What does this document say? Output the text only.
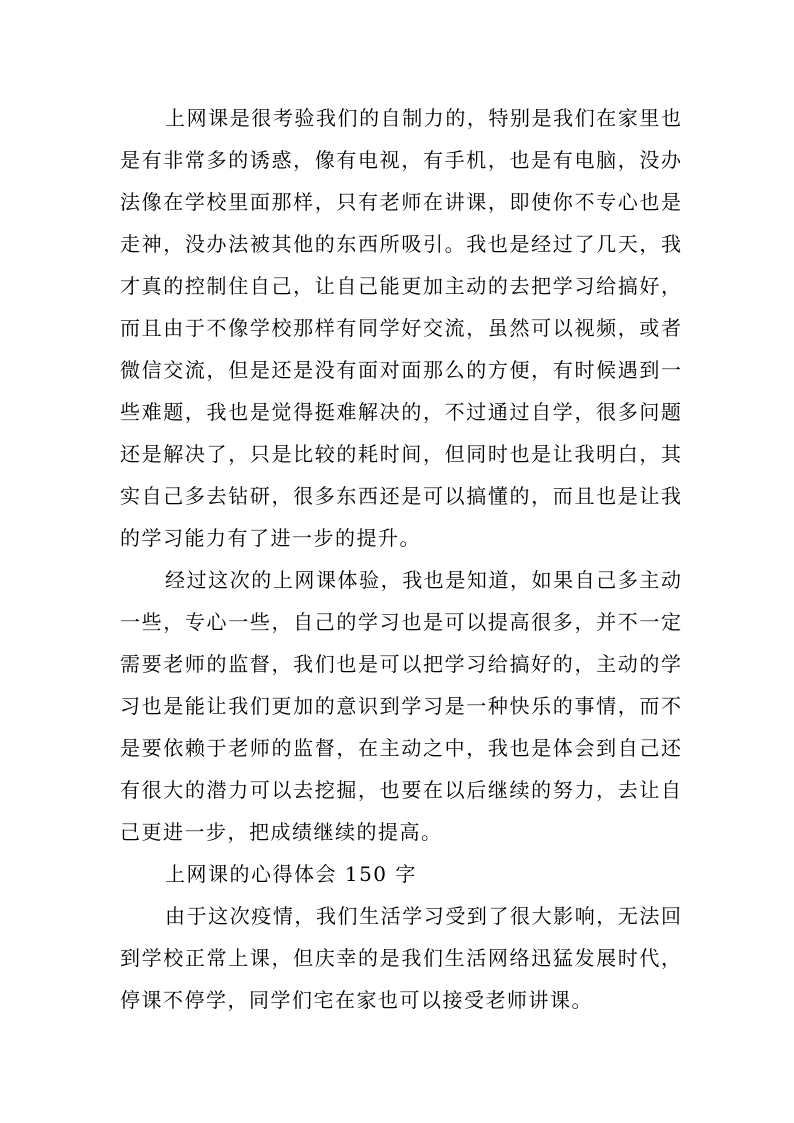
上网课是很考验我们的自制力的，特别是我们在家里也
是有非常多的诱惑，像有电视，有手机，也是有电脑，没办
法像在学校里面那样，只有老师在讲课，即使你不专心也是
走神，没办法被其他的东西所吸引。我也是经过了几天，我
才真的控制住自己，让自己能更加主动的去把学习给搞好，
而且由于不像学校那样有同学好交流，虽然可以视频，或者
微信交流，但是还是没有面对面那么的方便，有时候遇到一
些难题，我也是觉得挺难解决的，不过通过自学，很多问题
还是解决了，只是比较的耗时间，但同时也是让我明白，其
实自己多去钻研，很多东西还是可以搞懂的，而且也是让我
的学习能力有了进一步的提升。
经过这次的上网课体验，我也是知道，如果自己多主动
一些，专心一些，自己的学习也是可以提高很多，并不一定
需要老师的监督，我们也是可以把学习给搞好的，主动的学
习也是能让我们更加的意识到学习是一种快乐的事情，而不
是要依赖于老师的监督，在主动之中，我也是体会到自己还
有很大的潜力可以去挖掘，也要在以后继续的努力，去让自
己更进一步，把成绩继续的提高。
上网课的心得体会 150 字
由于这次疫情，我们生活学习受到了很大影响，无法回
到学校正常上课，但庆幸的是我们生活网络迅猛发展时代，
停课不停学，同学们宅在家也可以接受老师讲课。
